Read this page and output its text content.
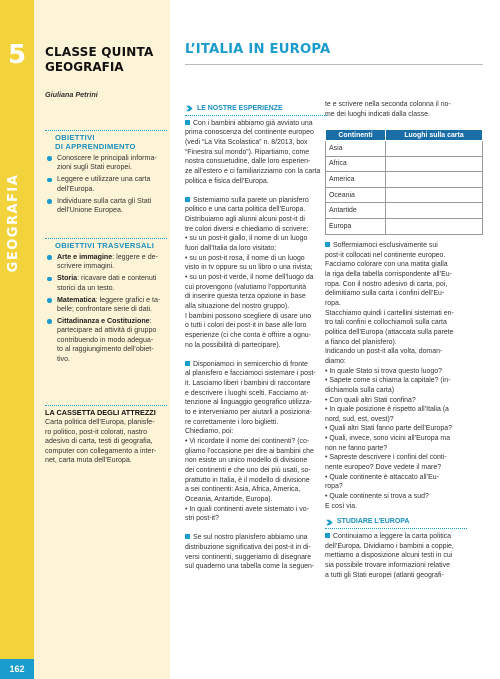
5
GEOGRAFIA
162
CLASSE QUINTA
GEOGRAFIA
Giuliana Petrini
OBIETTIVI
DI APPRENDIMENTO
Conoscere le principali informa-
zioni sugli Stati europei.
Leggere e utilizzare una carta
dell’Europa.
Individuare sulla carta gli Stati
dell’Unione Europea.
OBIETTIVI TRASVERSALI
Arte e immagine: leggere e de-
scrivere immagini.
Storia: ricavare dati e contenuti
storici da un testo.
Matematica: leggere grafici e ta-
belle; confrontare serie di dati.
Cittadinanza e Costituzione:
partecipare ad attività di gruppo
contribuendo in modo adegua-
to al raggiungimento dell’obiet-
tivo.
LA CASSETTA DEGLI ATTREZZI
Carta politica dell’Europa, planisfe-
ro politico, post-it colorati, nastro
adesivo di carta, testi di geografia,
computer con collegamento a inter-
net, carta muta dell’Europa.
L’ITALIA IN EUROPA
LE NOSTRE ESPERIENZE
Con i bambini abbiamo già avviato una
prima conoscenza del continente europeo
(vedi “La Vita Scolastica” n. 8/2013, box
“Finestra sul mondo”). Ripartiamo, come
nostra consuetudine, dalle loro esperien-
ze all’estero e ci familiarizziamo con la carta
politica e fisica dell’Europa.
Sistemiamo sulla parete un planisfero
politico e una carta politica dell’Europa.
Distribuiamo agli alunni alcuni post-it di
tre colori diversi e chiediamo di scrivere:
• su un post-it giallo, il nome di un luogo
fuori dall’Italia da loro visitato;
• su un post-it rosa, il nome di un luogo
visto in tv oppure su un libro o una rivista;
• su un post-it verde, il nome dell’luogo da
cui provengono (valutiamo l’opportunità
di inserire questa terza opzione in base
alla situazione del nostro gruppo).
I bambini possono scegliere di usare uno
o tutti i colori dei post-it in base alle loro
esperienze (ci che conta è offrire a ognu-
no la possibilità di partecipare).
Disponiamoci in semicerchio di fronte
al planisfero e facciamoci sistemare i post-
it. Lasciamo liberi i bambini di raccontare
e descrivere i luoghi scelti. Facciamo at-
tenzione al linguaggio geografico utilizza-
to e interveniamo per aiutarli a posiziona-
re correttamente i loro biglietti.
Chiediamo, poi:
• Vi ricordate il nome dei continenti? (co-
gliamo l’occasione per dire ai bambini che
non esiste un unico modello di divisione
dei continenti e che uno dei più usati, so-
prattutto in Italia, è il modello di divisione
a sei continenti: Asia, Africa, America,
Oceania, Antartide, Europa).
• In quali continenti avete sistemato i vo-
stri post-it?
Se sul nostro planisfero abbiamo una
distribuzione significativa dei post-it in di-
versi continenti, suggeriamo di disegnare
sul quaderno una tabella come la seguen-
te e scrivere nella seconda colonna il no-
me dei luoghi indicati dalla classe.
Continenti	Luoghi sulla carta
Asia	
Africa	
America	
Oceania	
Antartide	
Europa	
Soffermiamoci esclusivamente sui
post-it collocati nel continente europeo.
Facciamo colorare con una matita gialla
la riga della tabella corrispondente all’Eu-
ropa. Con il nostro adesivo di carta, poi,
delimitiamo sulla carta i confini dell’Eu-
ropa.
Stacchiamo quindi i cartellini sistemati en-
tro tali confini e collochiamoli sulla carta
politica dell’Europa (attaccata sulla parete
a fianco del planisfero).
Indicando un post-it alla volta, doman-
diamo:
• In quale Stato si trova questo luogo?
• Sapete come si chiama la capitale? (in-
dichiamola sulla carta)
• Con quali altri Stati confina?
• In quale posizione è rispetto all’Italia (a
nord, sud, est, ovest)?
• Quali altri Stati fanno parte dell’Europa?
• Quali, invece, sono vicini all’Europa ma
non ne fanno parte?
• Sapreste descrivere i confini del conti-
nente europeo? Dove vedete il mare?
• Quale continente è attaccato all’Eu-
ropa?
• Quale continente si trova a sud?
E così via.
STUDIARE L’EUROPA
Continuiamo a leggere la carta politica
dell’Europa. Dividiamo i bambini a coppie,
mettiamo a disposizione alcuni testi in cui
sia possibile trovare informazioni relative
a tutti gli Stati europei (atlanti geografi-
